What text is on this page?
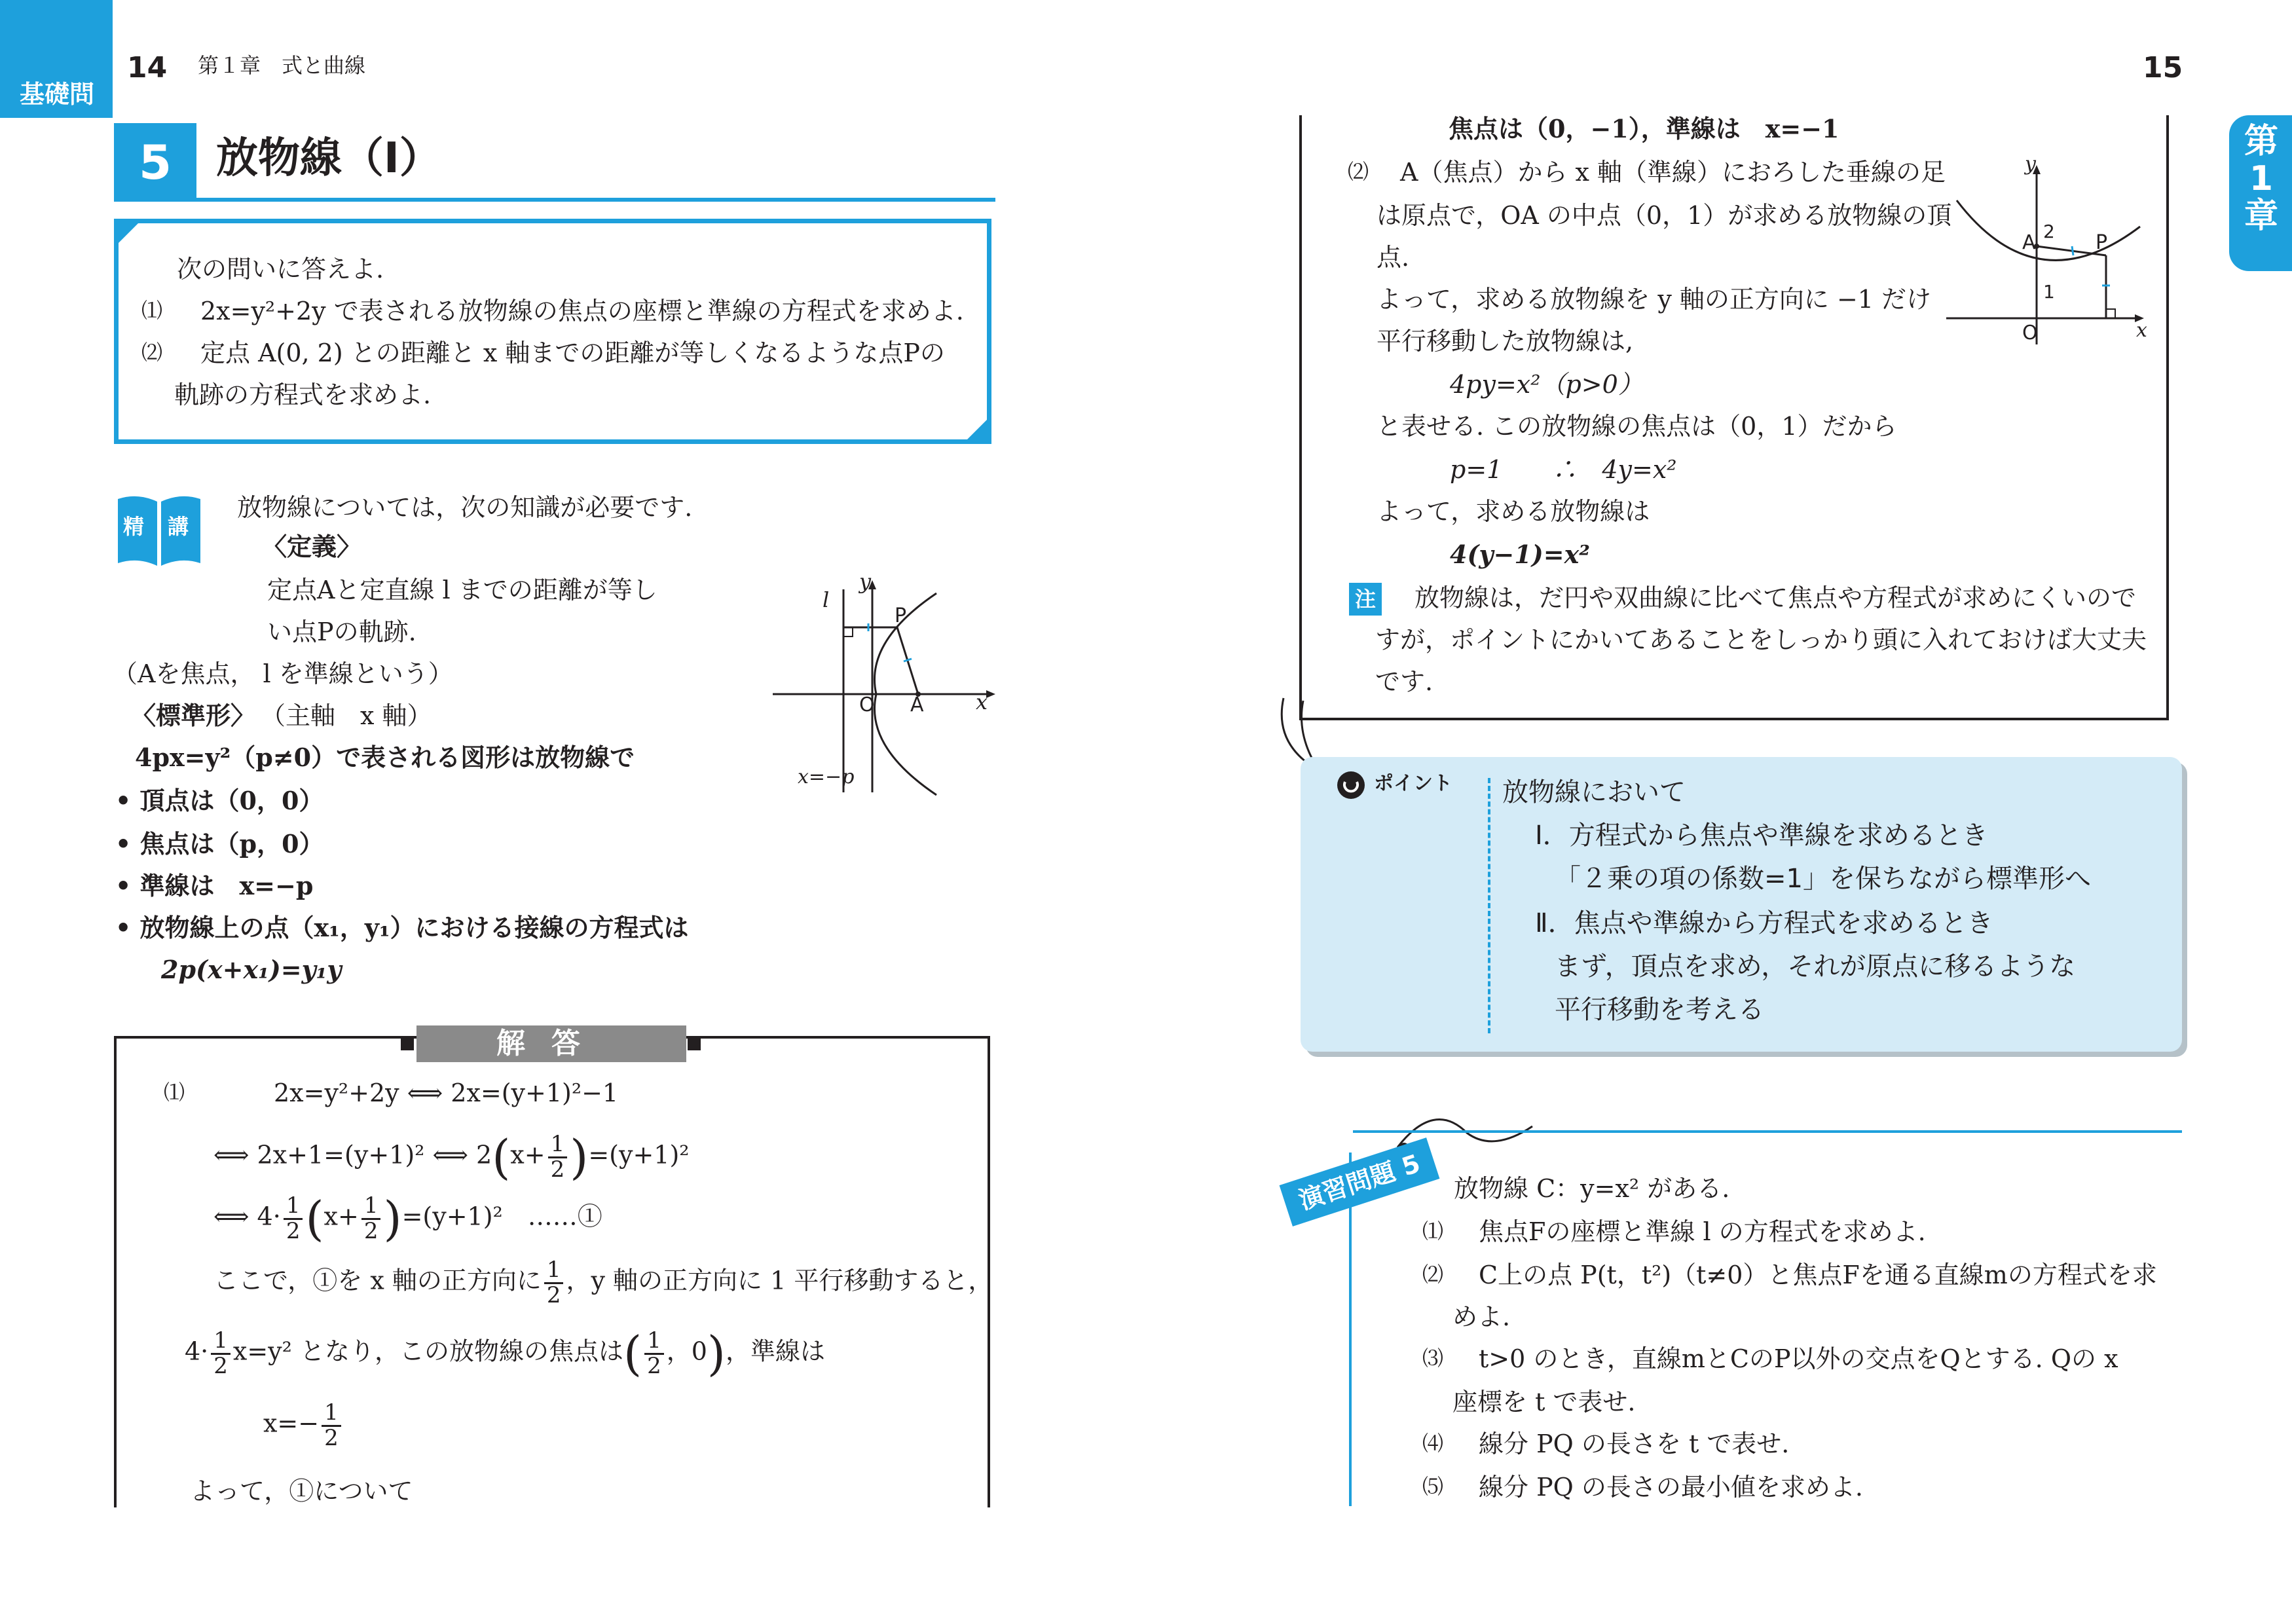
基礎問
14 第１章　式と曲線	15
第1章
5	放物線（Ⅰ）
次の問いに答えよ.
⑴ 2x=y²+2y で表される放物線の焦点の座標と準線の方程式を求めよ.
⑵ 定点 A(0, 2) との距離と x 軸までの距離が等しくなるような点Pの
軌跡の方程式を求めよ.
精 講
放物線については，次の知識が必要です.
〈定義〉
定点Aと定直線 l までの距離が等し
い点Pの軌跡.
（Aを焦点， l を準線という）
〈標準形〉 （主軸　x 軸）
4px=y²（p≠0）で表される図形は放物線で
• 頂点は（0，0）
• 焦点は（p，0）
• 準線は　x=−p
• 放物線上の点（x₁，y₁）における接線の方程式は
2p(x+x₁)=y₁y
l
y
P
O A x
x=−p
解答
⑴	2x=y²+2y ⟺ 2x=(y+1)²−1
⟺ 2x+1=(y+1)² ⟺ $2(x+ \frac{1}{2} )=(y+1)^2$
⟺ $4\cdot \frac{1}{2} (x+ \frac{1}{2} )=(y+1)^2$　……①
ここで，①を x 軸の正方向に $\frac{1}{2}$ ，y 軸の正方向に 1 平行移動すると，
$4\cdot \frac{1}{2} x=y^2$ となり，この放物線の焦点は( $\frac{1}{2}$ ，0)，準線は
$x=- \frac{1}{2}$
よって，①について
焦点は（0，−1），準線は　x=−1
⑵ A（焦点）から x 軸（準線）におろした垂線の足
は原点で，OA の中点（0，1）が求める放物線の頂
点.
よって，求める放物線を y 軸の正方向に −1 だけ
平行移動した放物線は,
4py=x²（p>0）
と表せる. この放物線の焦点は（0，1）だから
p=1　　∴　4y=x²
よって，求める放物線は
4(y−1)=x²
注 放物線は，だ円や双曲線に比べて焦点や方程式が求めにくいので
すが，ポイントにかいてあることをしっかり頭に入れておけば大丈夫
です.
y
A 2 P
1
O	x
ポイント 放物線において
Ⅰ．方程式から焦点や準線を求めるとき
「２乗の項の係数=1」を保ちながら標準形へ
Ⅱ．焦点や準線から方程式を求めるとき
まず，頂点を求め，それが原点に移るような
平行移動を考える
演習問題 5	放物線 C：y=x² がある.
⑴ 焦点Fの座標と準線 l の方程式を求めよ.
⑵ C上の点 P(t，t²)（t≠0）と焦点Fを通る直線mの方程式を求
めよ.
⑶ t>0 のとき，直線mとCのP以外の交点をQとする. Qの x
座標を t で表せ.
⑷ 線分 PQ の長さを t で表せ.
⑸ 線分 PQ の長さの最小値を求めよ.
